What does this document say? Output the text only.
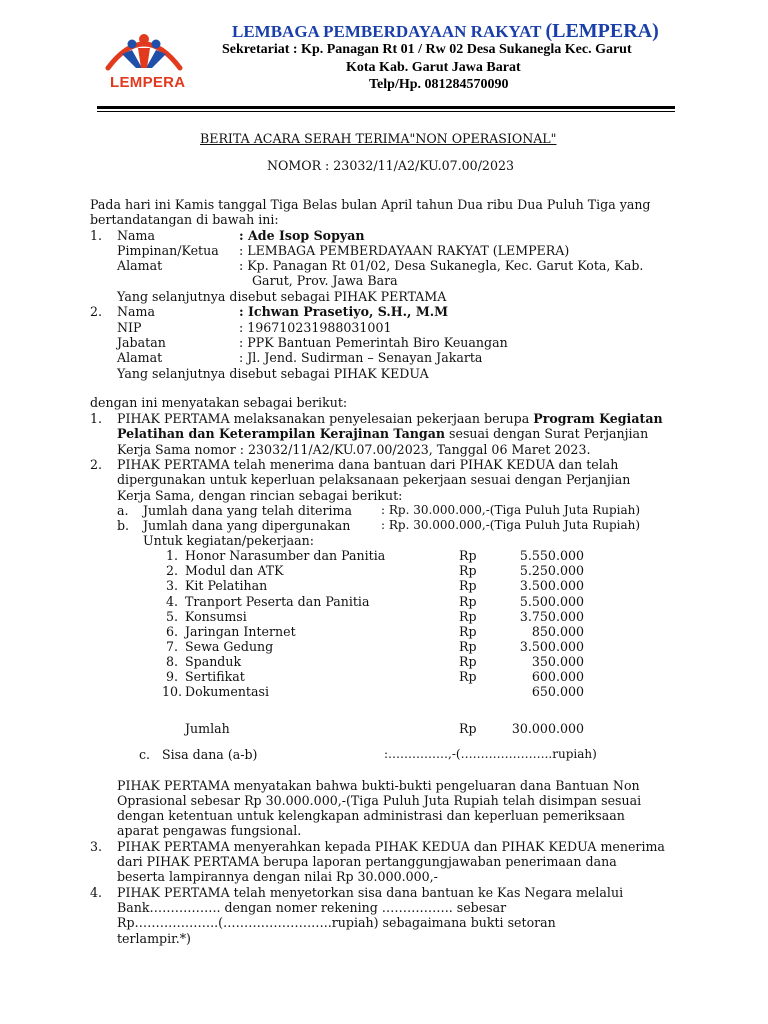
LEMPERA
LEMBAGA PEMBERDAYAAN RAKYAT (LEMPERA)
Sekretariat : Kp. Panagan Rt 01 / Rw 02 Desa Sukanegla Kec. Garut
Kota Kab. Garut Jawa Barat
Telp/Hp. 081284570090
BERITA ACARA SERAH TERIMA"NON OPERASIONAL"
NOMOR : 23032/11/A2/KU.07.00/2023
Pada hari ini Kamis tanggal Tiga Belas bulan April tahun Dua ribu Dua Puluh Tiga yang
bertandatangan di bawah ini:
1. Nama	: Ade Isop Sopyan
Pimpinan/Ketua : LEMBAGA PEMBERDAYAAN RAKYAT (LEMPERA)
Alamat	: Kp. Panagan Rt 01/02, Desa Sukanegla, Kec. Garut Kota, Kab.
Garut, Prov. Jawa Bara
Yang selanjutnya disebut sebagai PIHAK PERTAMA
2. Nama	: Ichwan Prasetiyo, S.H., M.M
NIP	: 196710231988031001
Jabatan	: PPK Bantuan Pemerintah Biro Keuangan
Alamat	: Jl. Jend. Sudirman – Senayan Jakarta
Yang selanjutnya disebut sebagai PIHAK KEDUA
dengan ini menyatakan sebagai berikut:
1. PIHAK PERTAMA melaksanakan penyelesaian pekerjaan berupa Program Kegiatan
Pelatihan dan Keterampilan Kerajinan Tangan sesuai dengan Surat Perjanjian
Kerja Sama nomor : 23032/11/A2/KU.07.00/2023, Tanggal 06 Maret 2023.
2. PIHAK PERTAMA telah menerima dana bantuan dari PIHAK KEDUA dan telah
dipergunakan untuk keperluan pelaksanaan pekerjaan sesuai dengan Perjanjian
Kerja Sama, dengan rincian sebagai berikut:
a. Jumlah dana yang telah diterima : Rp. 30.000.000,-(Tiga Puluh Juta Rupiah)
b. Jumlah dana yang dipergunakan	: Rp. 30.000.000,-(Tiga Puluh Juta Rupiah)
Untuk kegiatan/pekerjaan:
1. Honor Narasumber dan Panitia	Rp	5.550.000
2. Modul dan ATK	Rp	5.250.000
3. Kit Pelatihan	Rp	3.500.000
4. Tranport Peserta dan Panitia	Rp	5.500.000
5. Konsumsi	Rp	3.750.000
6. Jaringan Internet	Rp	850.000
7. Sewa Gedung	Rp	3.500.000
8. Spanduk	Rp	350.000
9. Sertifikat	Rp	600.000
10. Dokumentasi	650.000
Jumlah	Rp	30.000.000
c. Sisa dana (a-b)	:……………,-(…………………..rupiah)
PIHAK PERTAMA menyatakan bahwa bukti-bukti pengeluaran dana Bantuan Non
Oprasional sebesar Rp 30.000.000,-(Tiga Puluh Juta Rupiah telah disimpan sesuai
dengan ketentuan untuk kelengkapan administrasi dan keperluan pemeriksaan
aparat pengawas fungsional.
3. PIHAK PERTAMA menyerahkan kepada PIHAK KEDUA dan PIHAK KEDUA menerima
dari PIHAK PERTAMA berupa laporan pertanggungjawaban penerimaan dana
beserta lampirannya dengan nilai Rp 30.000.000,-
4. PIHAK PERTAMA telah menyetorkan sisa dana bantuan ke Kas Negara melalui
Bank…………….. dengan nomer rekening …………….. sebesar
Rp………………..(……………………..rupiah) sebagaimana bukti setoran
terlampir.*)
